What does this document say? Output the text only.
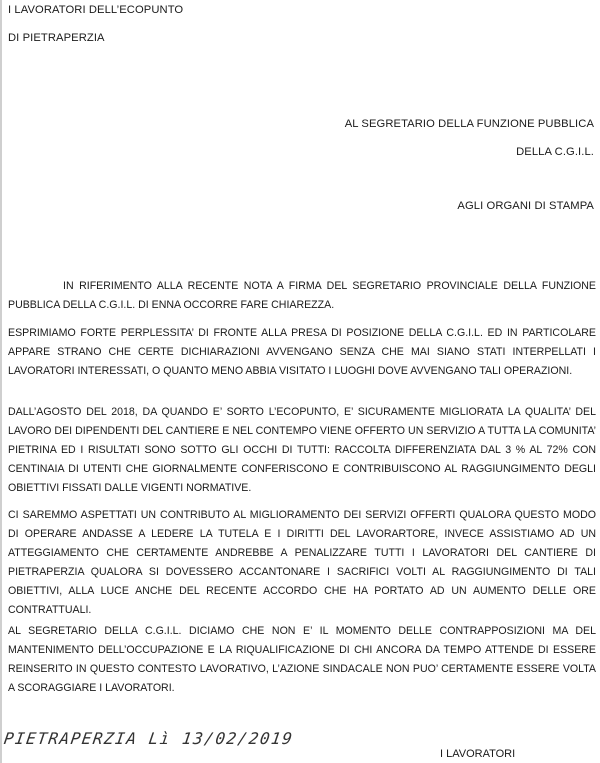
I LAVORATORI DELL’ECOPUNTO
DI PIETRAPERZIA
AL SEGRETARIO DELLA FUNZIONE PUBBLICA
DELLA C.G.I.L.
AGLI ORGANI DI STAMPA
IN RIFERIMENTO ALLA RECENTE NOTA A FIRMA DEL SEGRETARIO PROVINCIALE DELLA FUNZIONE PUBBLICA DELLA C.G.I.L. DI ENNA OCCORRE FARE CHIAREZZA.
ESPRIMIAMO FORTE PERPLESSITA’ DI FRONTE ALLA PRESA DI POSIZIONE DELLA C.G.I.L. ED IN PARTICOLARE APPARE STRANO CHE CERTE DICHIARAZIONI AVVENGANO SENZA CHE MAI SIANO STATI INTERPELLATI I LAVORATORI INTERESSATI, O QUANTO MENO ABBIA VISITATO I LUOGHI DOVE AVVENGANO TALI OPERAZIONI.
DALL’AGOSTO DEL 2018, DA QUANDO E’ SORTO L’ECOPUNTO, E’ SICURAMENTE MIGLIORATA LA QUALITA’ DEL LAVORO DEI DIPENDENTI DEL CANTIERE E NEL CONTEMPO VIENE OFFERTO UN SERVIZIO A TUTTA LA COMUNITA’ PIETRINA ED I RISULTATI SONO SOTTO GLI OCCHI DI TUTTI: RACCOLTA DIFFERENZIATA DAL 3 % AL 72% CON CENTINAIA DI UTENTI CHE GIORNALMENTE CONFERISCONO E CONTRIBUISCONO AL RAGGIUNGIMENTO DEGLI OBIETTIVI FISSATI DALLE VIGENTI NORMATIVE.
CI SAREMMO ASPETTATI UN CONTRIBUTO AL MIGLIORAMENTO DEI SERVIZI OFFERTI QUALORA QUESTO MODO DI OPERARE ANDASSE A LEDERE LA TUTELA E I DIRITTI DEL LAVORARTORE, INVECE ASSISTIAMO AD UN ATTEGGIAMENTO CHE CERTAMENTE ANDREBBE A PENALIZZARE TUTTI I LAVORATORI DEL CANTIERE DI PIETRAPERZIA QUALORA SI DOVESSERO ACCANTONARE I SACRIFICI VOLTI AL RAGGIUNGIMENTO DI TALI OBIETTIVI, ALLA LUCE ANCHE DEL RECENTE ACCORDO CHE HA PORTATO AD UN AUMENTO DELLE ORE CONTRATTUALI.
AL SEGRETARIO DELLA C.G.I.L. DICIAMO CHE NON E’ IL MOMENTO DELLE CONTRAPPOSIZIONI MA DEL MANTENIMENTO DELL’OCCUPAZIONE E LA RIQUALIFICAZIONE DI CHI ANCORA DA TEMPO ATTENDE DI ESSERE REINSERITO IN QUESTO CONTESTO LAVORATIVO, L’AZIONE SINDACALE NON PUO’ CERTAMENTE ESSERE VOLTA A SCORAGGIARE I LAVORATORI.
PIETRAPERZIA Lì 13/02/2019
I LAVORATORI
